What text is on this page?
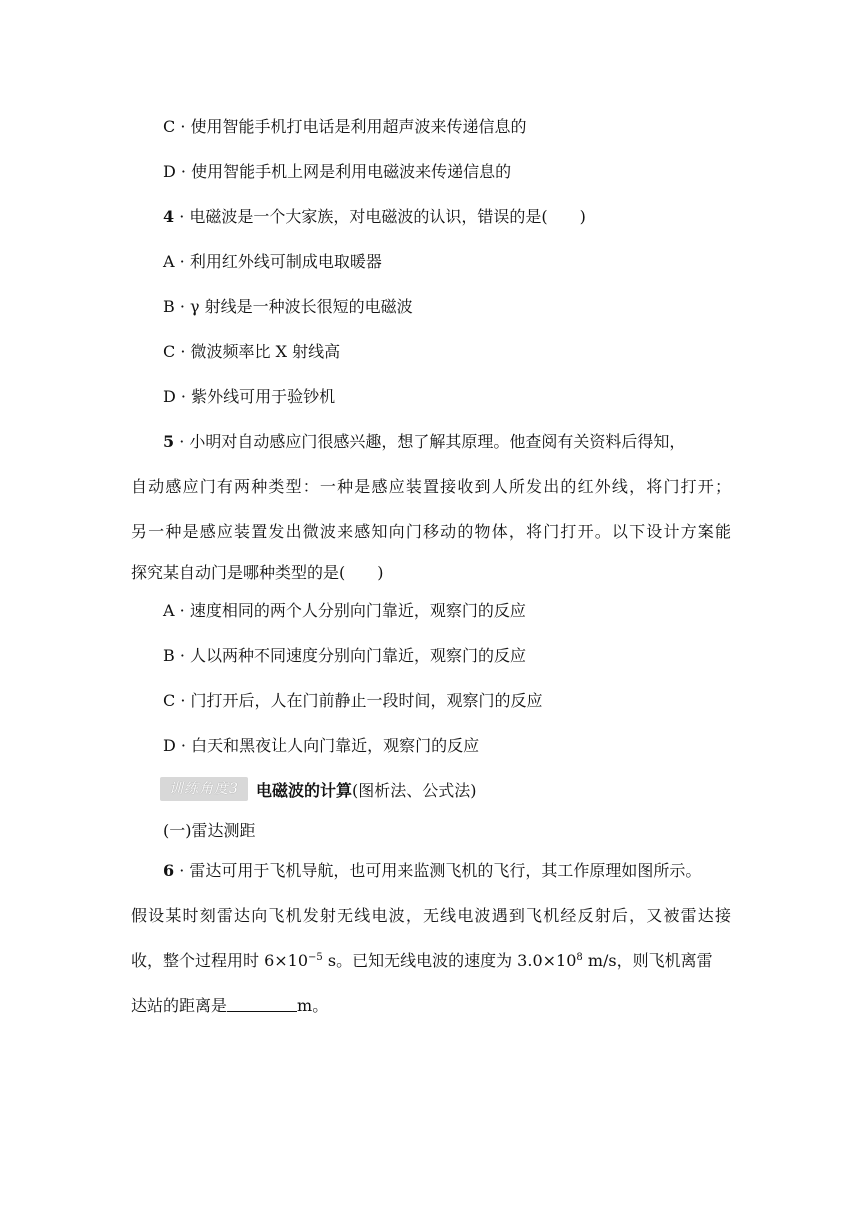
C · 使用智能手机打电话是利用超声波来传递信息的
D · 使用智能手机上网是利用电磁波来传递信息的
4 · 电磁波是一个大家族，对电磁波的认识，错误的是(　　)
A · 利用红外线可制成电取暖器
B · γ 射线是一种波长很短的电磁波
C · 微波频率比 X 射线高
D · 紫外线可用于验钞机
5 · 小明对自动感应门很感兴趣，想了解其原理。他查阅有关资料后得知，
自动感应门有两种类型：一种是感应装置接收到人所发出的红外线，将门打开；
另一种是感应装置发出微波来感知向门移动的物体，将门打开。以下设计方案能
探究某自动门是哪种类型的是(　　)
A · 速度相同的两个人分别向门靠近，观察门的反应
B · 人以两种不同速度分别向门靠近，观察门的反应
C · 门打开后，人在门前静止一段时间，观察门的反应
D · 白天和黑夜让人向门靠近，观察门的反应
训练角度3	电磁波的计算(图析法、公式法)
(一)雷达测距
6 · 雷达可用于飞机导航，也可用来监测飞机的飞行，其工作原理如图所示。
假设某时刻雷达向飞机发射无线电波，无线电波遇到飞机经反射后，又被雷达接
收，整个过程用时 $6\times 10^{-5}$ s。已知无线电波的速度为 $3.0\times 10^8$ m/s，则飞机离雷
达站的距离是	m。
